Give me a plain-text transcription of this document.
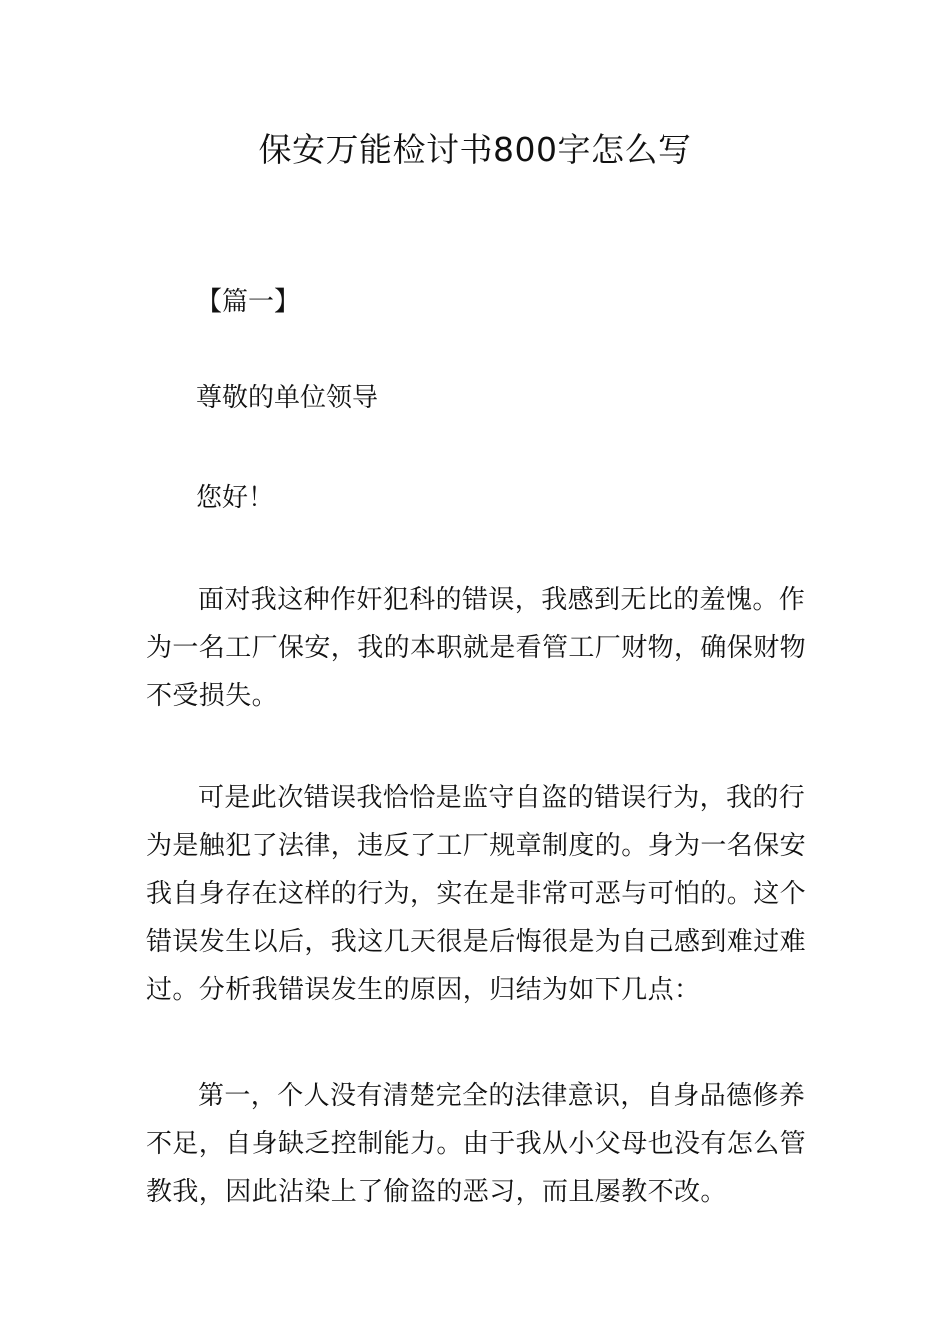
保安万能检讨书800字怎么写

【篇一】

尊敬的单位领导

您好！

面对我这种作奸犯科的错误，我感到无比的羞愧。作为一名工厂保安，我的本职就是看管工厂财物，确保财物不受损失。

可是此次错误我恰恰是监守自盗的错误行为，我的行为是触犯了法律，违反了工厂规章制度的。身为一名保安我自身存在这样的行为，实在是非常可恶与可怕的。这个错误发生以后，我这几天很是后悔很是为自己感到难过难过。分析我错误发生的原因，归结为如下几点：

第一，个人没有清楚完全的法律意识，自身品德修养不足，自身缺乏控制能力。由于我从小父母也没有怎么管教我，因此沾染上了偷盗的恶习，而且屡教不改。
